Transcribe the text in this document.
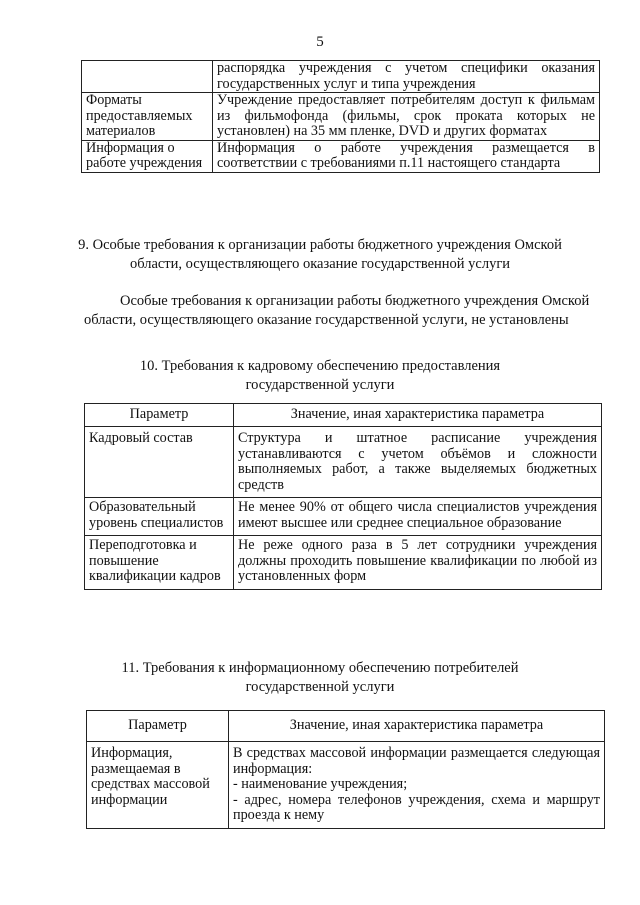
5
	распорядка учреждения с учетом специфики оказания государственных услуг и типа учреждения
Форматы предоставляемых материалов	Учреждение предоставляет потребителям доступ к фильмам из фильмофонда (фильмы, срок проката которых не установлен) на 35 мм пленке, DVD и других форматах
Информация о работе учреждения	Информация о работе учреждения размещается в соответствии с требованиями п.11 настоящего стандарта
9. Особые требования к организации работы бюджетного учреждения Омской
области, осуществляющего оказание государственной услуги
Особые требования к организации работы бюджетного учреждения Омской области, осуществляющего оказание государственной услуги, не установлены
10. Требования к кадровому обеспечению предоставления
государственной услуги
Параметр	Значение, иная характеристика параметра
Кадровый состав	Структура и штатное расписание учреждения устанавливаются с учетом объёмов и сложности выполняемых работ, а также выделяемых бюджетных средств
Образовательный уровень специалистов	Не менее 90% от общего числа специалистов учреждения имеют высшее или среднее специальное образование
Переподготовка и повышение квалификации кадров	Не реже одного раза в 5 лет сотрудники учреждения должны проходить повышение квалификации по любой из установленных форм
11. Требования к информационному обеспечению потребителей
государственной услуги
Параметр	Значение, иная характеристика параметра
Информация, размещаемая в средствах массовой информации	В средствах массовой информации размещается следующая информация:
- наименование учреждения;
- адрес, номера телефонов учреждения, схема и маршрут проезда к нему
